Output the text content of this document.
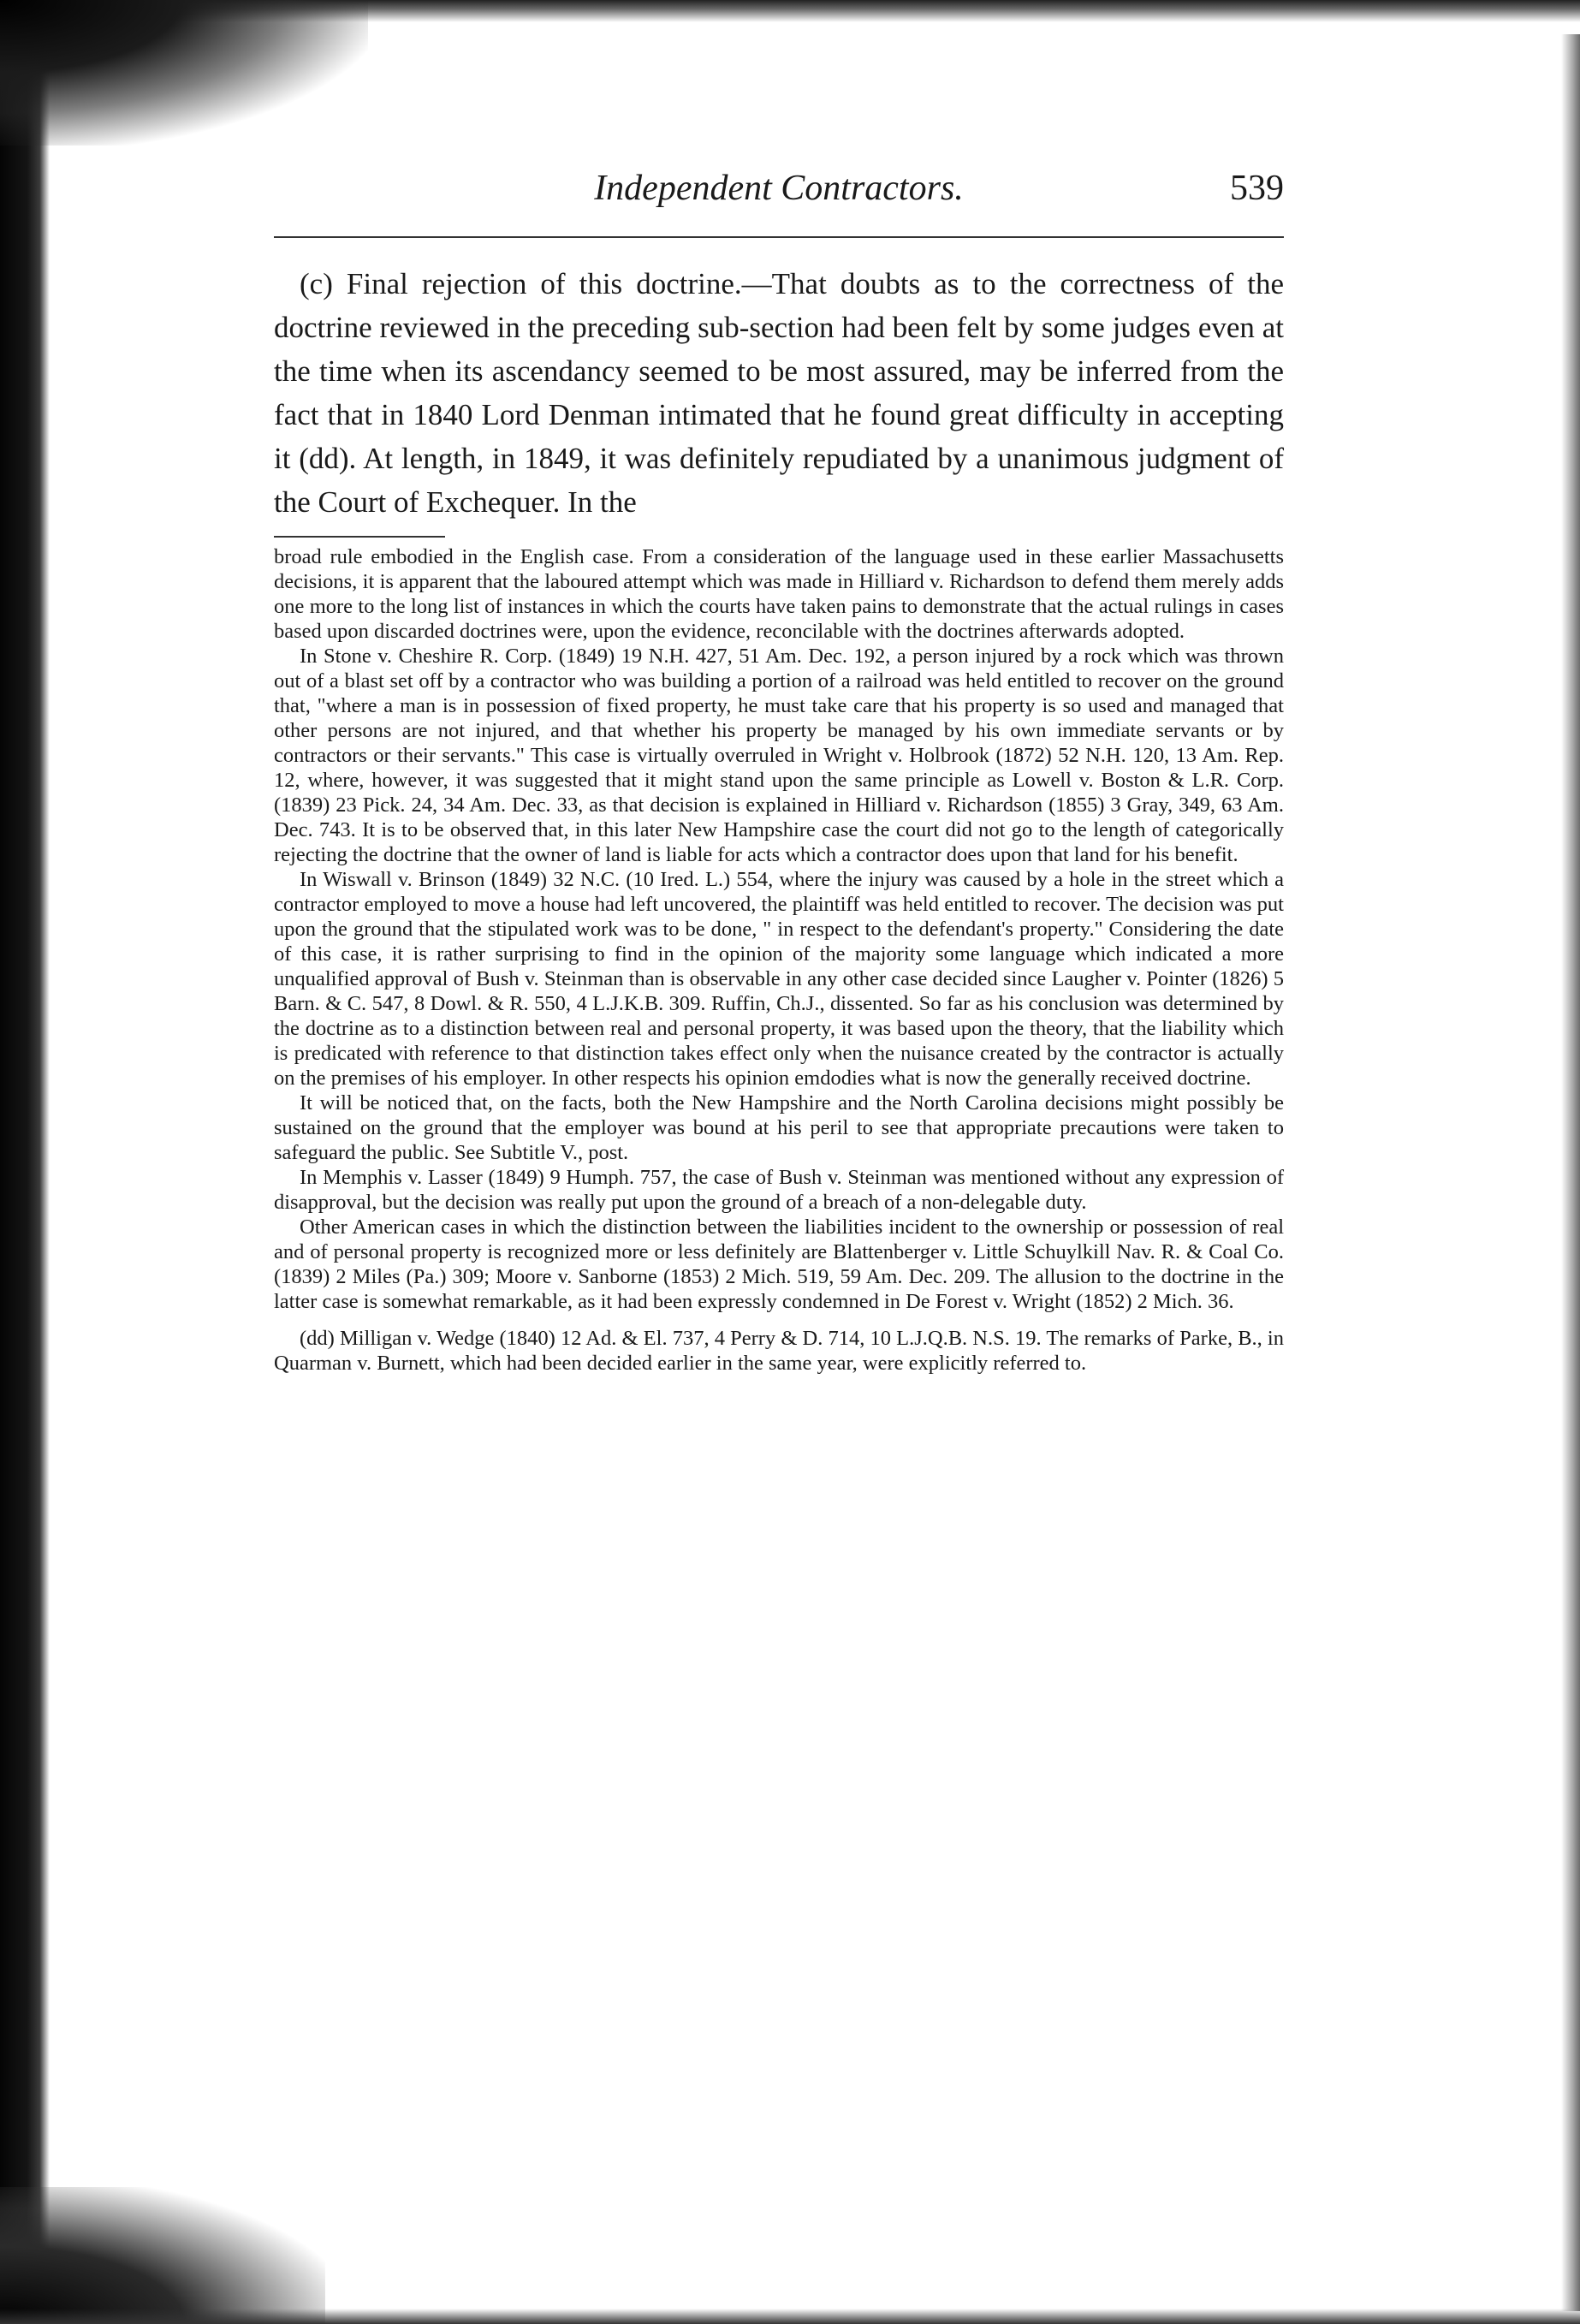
Independent Contractors.	539

(c) Final rejection of this doctrine.—That doubts as to the correctness of the doctrine reviewed in the preceding sub-section had been felt by some judges even at the time when its ascendancy seemed to be most assured, may be inferred from the fact that in 1840 Lord Denman intimated that he found great difficulty in accepting it (dd). At length, in 1849, it was definitely repudiated by a unanimous judgment of the Court of Exchequer. In the

broad rule embodied in the English case. From a consideration of the language used in these earlier Massachusetts decisions, it is apparent that the laboured attempt which was made in Hilliard v. Richardson to defend them merely adds one more to the long list of instances in which the courts have taken pains to demonstrate that the actual rulings in cases based upon discarded doctrines were, upon the evidence, reconcilable with the doctrines afterwards adopted.

In Stone v. Cheshire R. Corp. (1849) 19 N.H. 427, 51 Am. Dec. 192, a person injured by a rock which was thrown out of a blast set off by a contractor who was building a portion of a railroad was held entitled to recover on the ground that, "where a man is in possession of fixed property, he must take care that his property is so used and managed that other persons are not injured, and that whether his property be managed by his own immediate servants or by contractors or their servants." This case is virtually overruled in Wright v. Holbrook (1872) 52 N.H. 120, 13 Am. Rep. 12, where, however, it was suggested that it might stand upon the same principle as Lowell v. Boston & L.R. Corp. (1839) 23 Pick. 24, 34 Am. Dec. 33, as that decision is explained in Hilliard v. Richardson (1855) 3 Gray, 349, 63 Am. Dec. 743. It is to be observed that, in this later New Hampshire case the court did not go to the length of categorically rejecting the doctrine that the owner of land is liable for acts which a contractor does upon that land for his benefit.

In Wiswall v. Brinson (1849) 32 N.C. (10 Ired. L.) 554, where the injury was caused by a hole in the street which a contractor employed to move a house had left uncovered, the plaintiff was held entitled to recover. The decision was put upon the ground that the stipulated work was to be done, " in respect to the defendant's property." Considering the date of this case, it is rather surprising to find in the opinion of the majority some language which indicated a more unqualified approval of Bush v. Steinman than is observable in any other case decided since Laugher v. Pointer (1826) 5 Barn. & C. 547, 8 Dowl. & R. 550, 4 L.J.K.B. 309. Ruffin, Ch.J., dissented. So far as his conclusion was determined by the doctrine as to a distinction between real and personal property, it was based upon the theory, that the liability which is predicated with reference to that distinction takes effect only when the nuisance created by the contractor is actually on the premises of his employer. In other respects his opinion emdodies what is now the generally received doctrine.

It will be noticed that, on the facts, both the New Hampshire and the North Carolina decisions might possibly be sustained on the ground that the employer was bound at his peril to see that appropriate precautions were taken to safeguard the public. See Subtitle V., post.

In Memphis v. Lasser (1849) 9 Humph. 757, the case of Bush v. Steinman was mentioned without any expression of disapproval, but the decision was really put upon the ground of a breach of a non-delegable duty.

Other American cases in which the distinction between the liabilities incident to the ownership or possession of real and of personal property is recognized more or less definitely are Blattenberger v. Little Schuylkill Nav. R. & Coal Co. (1839) 2 Miles (Pa.) 309; Moore v. Sanborne (1853) 2 Mich. 519, 59 Am. Dec. 209. The allusion to the doctrine in the latter case is somewhat remarkable, as it had been expressly condemned in De Forest v. Wright (1852) 2 Mich. 36.

(dd) Milligan v. Wedge (1840) 12 Ad. & El. 737, 4 Perry & D. 714, 10 L.J.Q.B. N.S. 19. The remarks of Parke, B., in Quarman v. Burnett, which had been decided earlier in the same year, were explicitly referred to.
